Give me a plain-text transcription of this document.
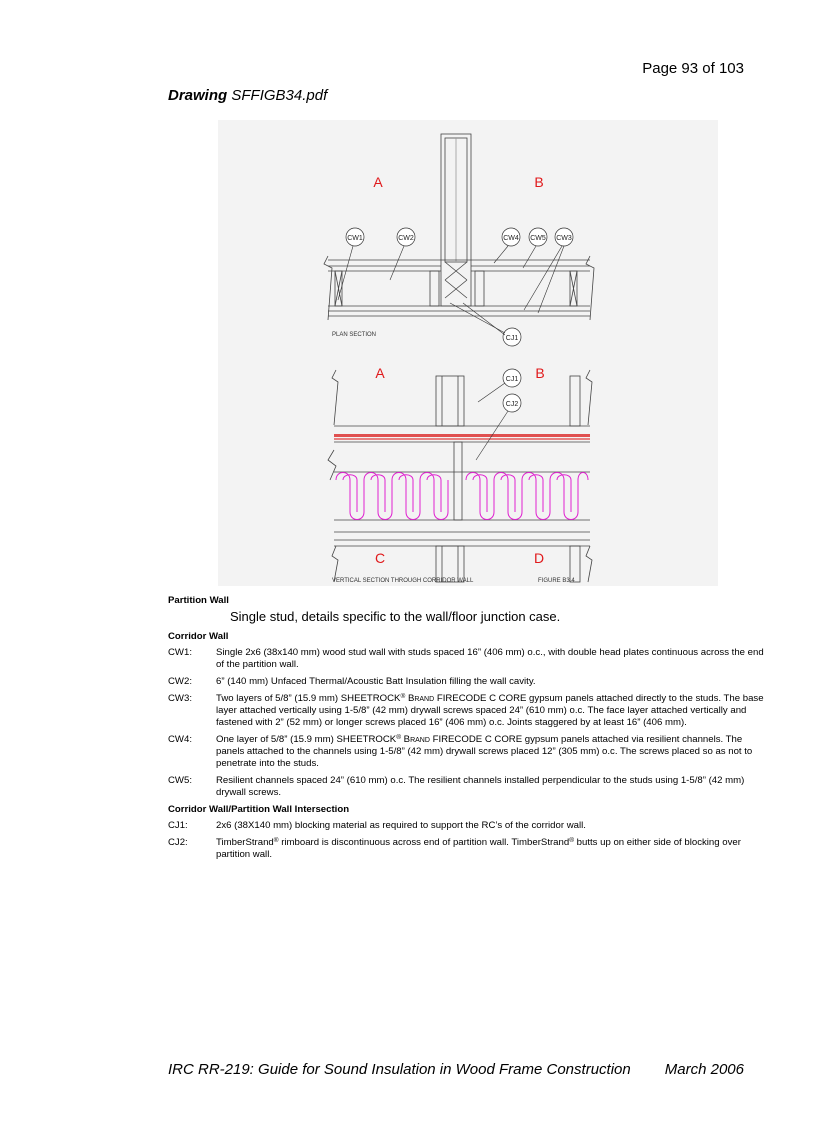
Page 93 of 103
Drawing SFFIGB34.pdf
CW1	CW2	CW4 CW5 CW3
CJ1
A	B
PLAN SECTION
CJ1
CJ2
A	B
C	D
VERTICAL SECTION THROUGH CORRIDOR WALL	FIGURE B3.4

Partition Wall

Single stud, details specific to the wall/floor junction case.

Corridor Wall

CW1:	Single 2x6 (38x140 mm) wood stud wall with studs spaced 16” (406 mm) o.c., with double head plates continuous across the end of the partition wall.
CW2:	6” (140 mm) Unfaced Thermal/Acoustic Batt Insulation filling the wall cavity.
CW3:	Two layers of 5/8” (15.9 mm) SHEETROCK® Brand FIRECODE C CORE gypsum panels attached directly to the studs. The base layer attached vertically using 1-5/8” (42 mm) drywall screws spaced 24” (610 mm) o.c. The face layer attached vertically and fastened with 2” (52 mm) or longer screws placed 16” (406 mm) o.c. Joints staggered by at least 16” (406 mm).
CW4:	One layer of 5/8” (15.9 mm) SHEETROCK® Brand FIRECODE C CORE gypsum panels attached via resilient channels. The panels attached to the channels using 1-5/8” (42 mm) drywall screws placed 12” (305 mm) o.c. The screws placed so as not to penetrate into the studs.
CW5:	Resilient channels spaced 24” (610 mm) o.c. The resilient channels installed perpendicular to the studs using 1-5/8” (42 mm) drywall screws.

Corridor Wall/Partition Wall Intersection

CJ1:	2x6 (38X140 mm) blocking material as required to support the RC’s of the corridor wall.
CJ2:	TimberStrand® rimboard is discontinuous across end of partition wall. TimberStrand® butts up on either side of blocking over partition wall.
IRC RR-219: Guide for Sound Insulation in Wood Frame Construction March 2006
